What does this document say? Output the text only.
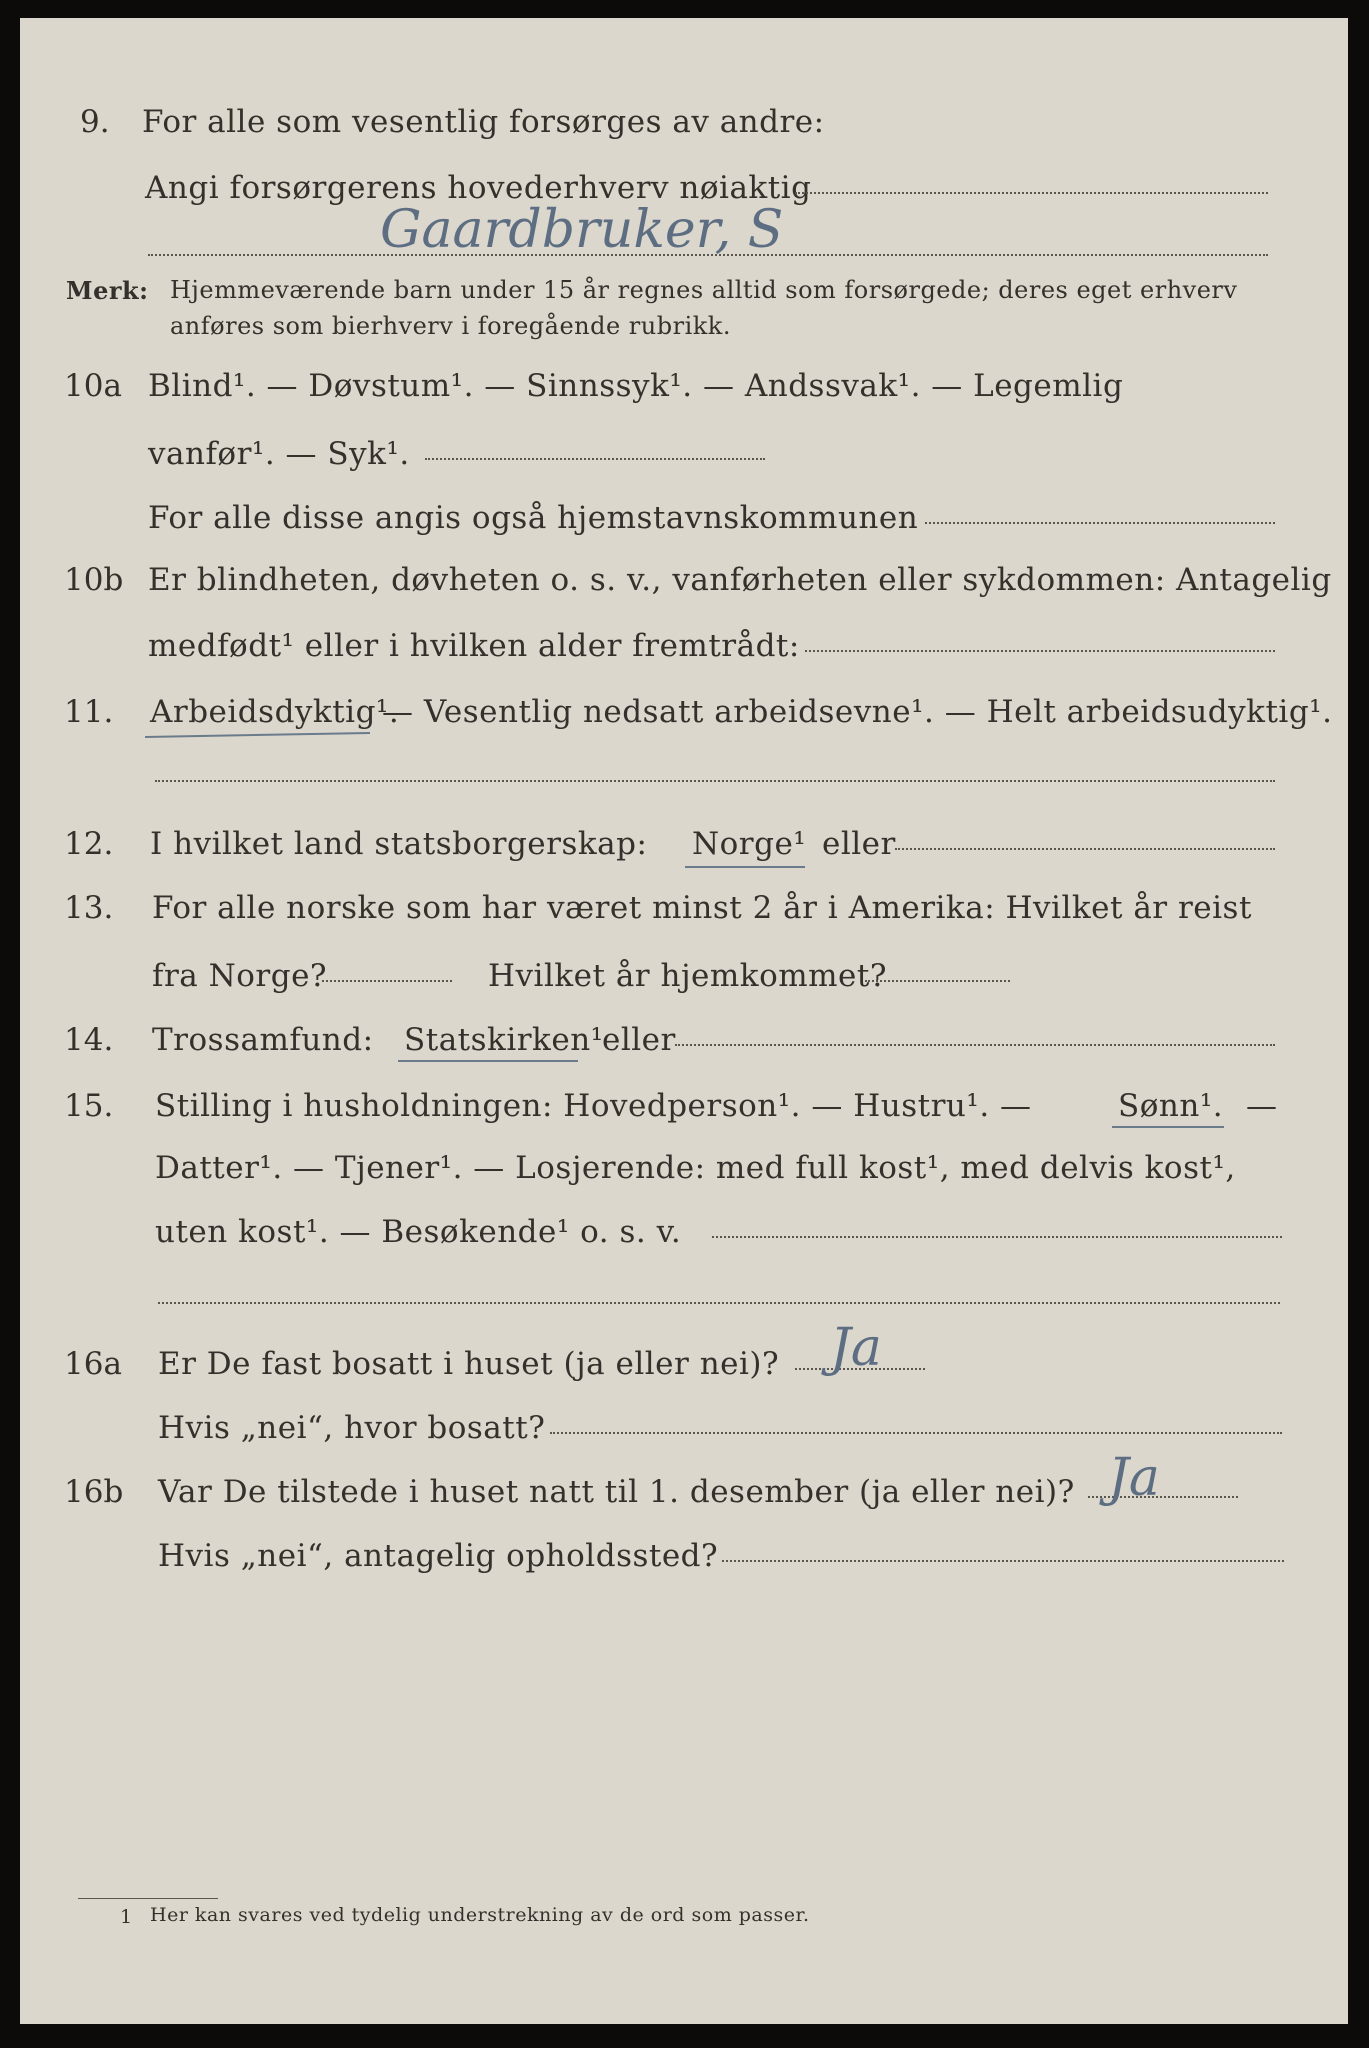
9. For alle som vesentlig forsørges av andre:
Angi forsørgerens hovederhverv nøiaktig
Gaardbruker, S
Merk: Hjemmeværende barn under 15 år regnes alltid som forsørgede; deres eget erhverv
anføres som bierhverv i foregående rubrikk.
10a Blind¹. — Døvstum¹. — Sinnssyk¹. — Andssvak¹. — Legemlig
vanfør¹. — Syk¹.
For alle disse angis også hjemstavnskommunen
10b Er blindheten, døvheten o. s. v., vanførheten eller sykdommen: Antagelig
medfødt¹ eller i hvilken alder fremtrådt:
11. Arbeidsdyktig¹.
— Vesentlig nedsatt arbeidsevne¹. — Helt arbeidsudyktig¹.
12. I hvilket land statsborgerskap: Norge¹ eller
13. For alle norske som har været minst 2 år i Amerika: Hvilket år reist
fra Norge?	Hvilket år hjemkommet?
14. Trossamfund: Statskirken¹
eller
15. Stilling i husholdningen: Hovedperson¹. — Hustru¹. —	Sønn¹. —
Datter¹. — Tjener¹. — Losjerende: med full kost¹, med delvis kost¹,
uten kost¹. — Besøkende¹ o. s. v.
16a Er De fast bosatt i huset (ja eller nei)? Ja
Hvis „nei“, hvor bosatt?
16b Var De tilstede i huset natt til 1. desember (ja eller nei)? Ja
Hvis „nei“, antagelig opholdssted?
1 Her kan svares ved tydelig understrekning av de ord som passer.
